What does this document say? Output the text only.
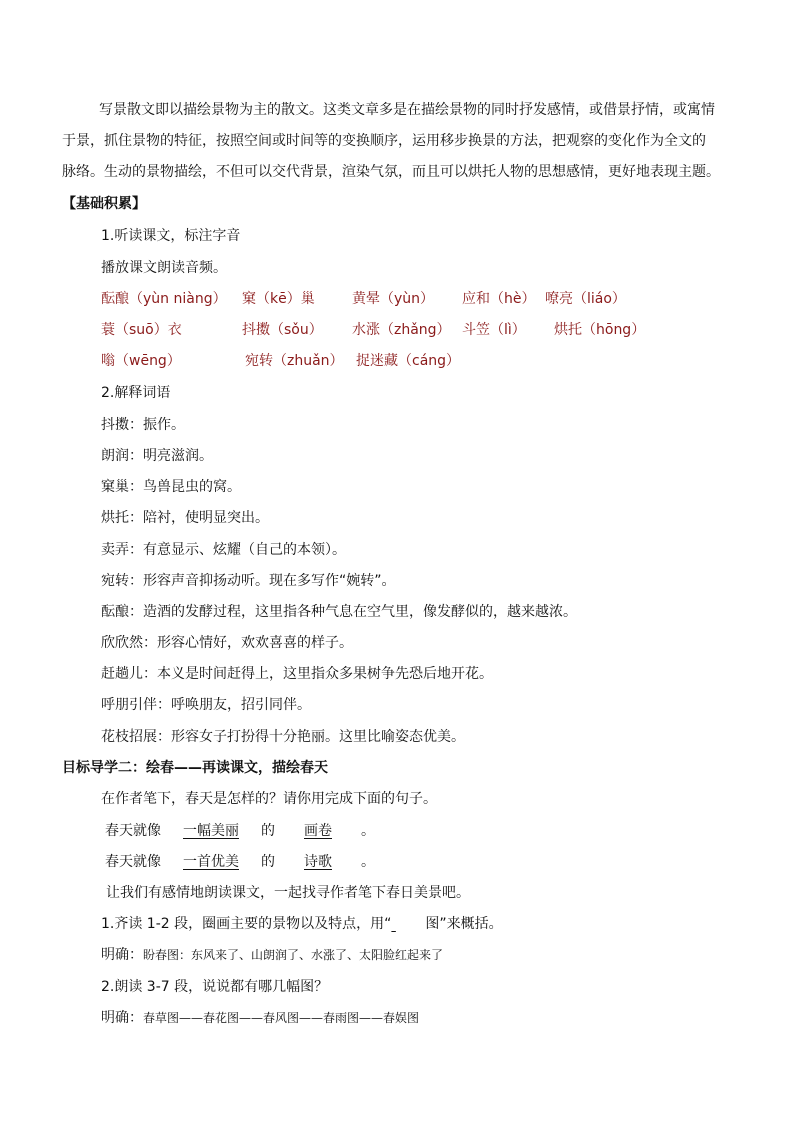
写景散文即以描绘景物为主的散文。这类文章多是在描绘景物的同时抒发感情，或借景抒情，或寓情
于景，抓住景物的特征，按照空间或时间等的变换顺序，运用移步换景的方法，把观察的变化作为全文的
脉络。生动的景物描绘，不但可以交代背景，渲染气氛，而且可以烘托人物的思想感情，更好地表现主题。
【基础积累】
1.听读课文，标注字音
播放课文朗读音频。
酝酿（yùn niàng） 窠（kē）巢	黄晕（yùn） 应和（hè） 嘹亮（liáo）
蓑（suō）衣	抖擞（sǒu） 水涨（zhǎng） 斗笠（lì） 烘托（hōng）
嗡（wēng）	宛转（zhuǎn） 捉迷藏（cáng）
2.解释词语
抖擞：振作。
朗润：明亮滋润。
窠巢：鸟兽昆虫的窝。
烘托：陪衬，使明显突出。
卖弄：有意显示、炫耀（自己的本领）。
宛转：形容声音抑扬动听。现在多写作“婉转”。
酝酿：造酒的发酵过程，这里指各种气息在空气里，像发酵似的，越来越浓。
欣欣然：形容心情好，欢欢喜喜的样子。
赶趟儿：本义是时间赶得上，这里指众多果树争先恐后地开花。
呼朋引伴：呼唤朋友，招引同伴。
花枝招展：形容女子打扮得十分艳丽。这里比喻姿态优美。
目标导学二：绘春——再读课文，描绘春天
在作者笔下，春天是怎样的？请你用完成下面的句子。
春天就像 一幅美丽 的 画卷 。
春天就像 一首优美 的 诗歌 。
让我们有感情地朗读课文，一起找寻作者笔下春日美景吧。
1.齐读 1-2 段，圈画主要的景物以及特点，用“ 图”来概括。
明确：盼春图：东风来了、山朗润了、水涨了、太阳脸红起来了
2.朗读 3-7 段，说说都有哪几幅图？
明确：春草图——春花图——春风图——春雨图——春娱图
